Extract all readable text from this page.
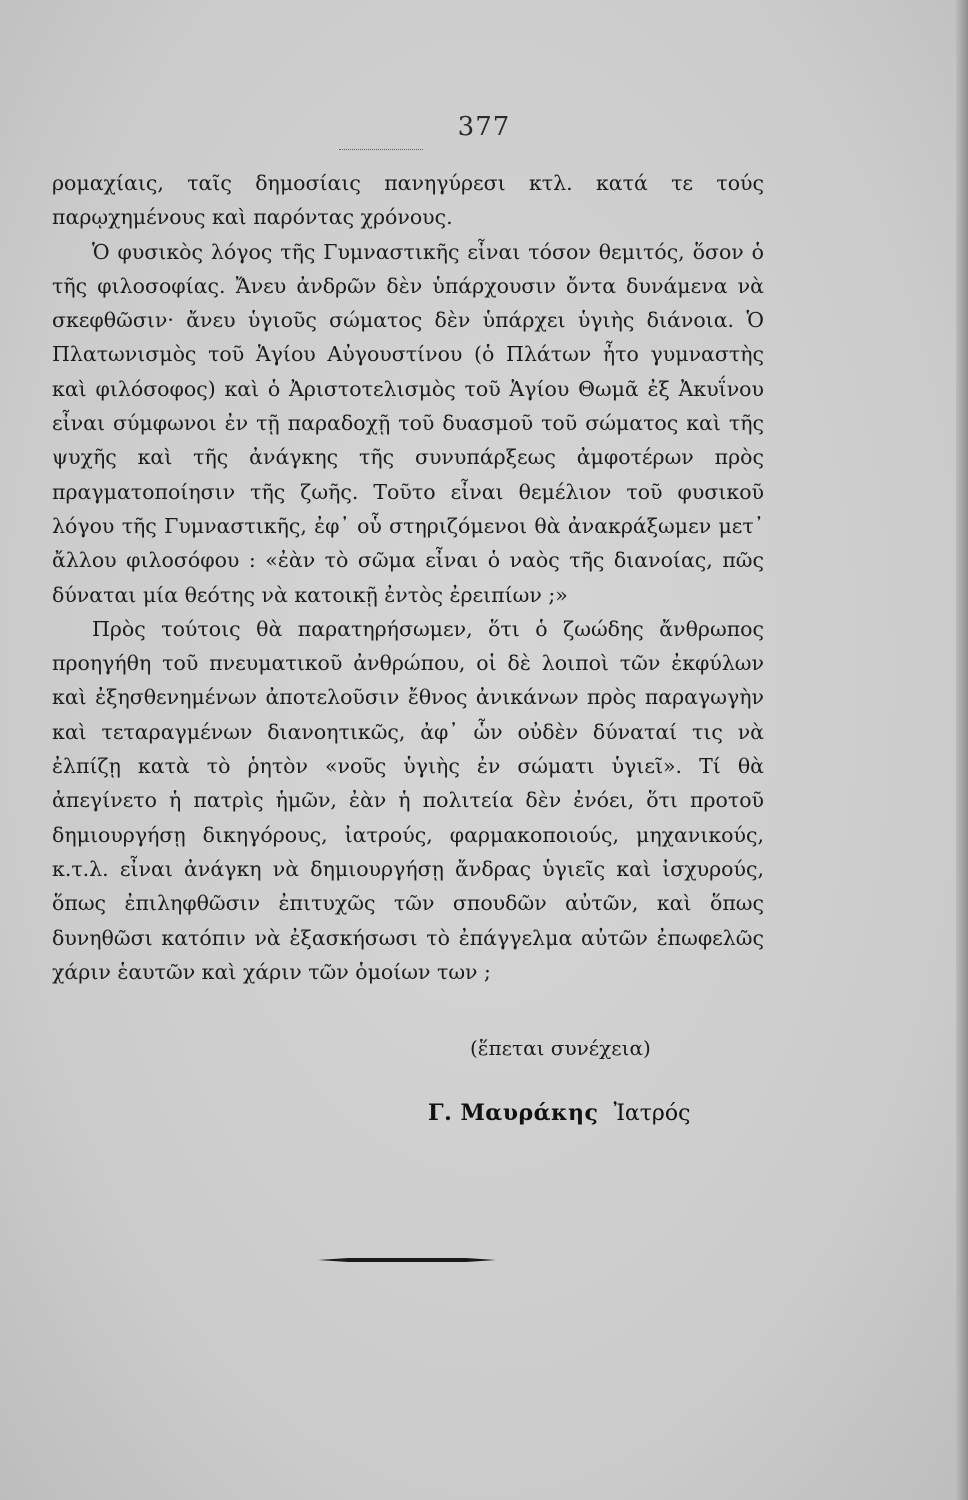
377

ρομαχίαις, ταῖς δημοσίαις πανηγύρεσι κτλ. κατά τε τούς παρῳχημένους καὶ παρόντας χρόνους.

Ὁ φυσικὸς λόγος τῆς Γυμναστικῆς εἶναι τόσον θεμιτός, ὅσον ὁ τῆς φιλοσοφίας. Ἄνευ ἀνδρῶν δὲν ὑπάρχουσιν ὄντα δυνάμενα νὰ σκεφθῶσιν· ἄνευ ὑγιοῦς σώματος δὲν ὑπάρχει ὑγιὴς διάνοια. Ὁ Πλατωνισμὸς τοῦ Ἁγίου Αὐγουστίνου (ὁ Πλάτων ἦτο γυμναστὴς καὶ φιλόσοφος) καὶ ὁ Ἀριστοτελισμὸς τοῦ Ἁγίου Θωμᾶ ἐξ Ἀκυΐνου εἶναι σύμφωνοι ἐν τῇ παραδοχῇ τοῦ δυασμοῦ τοῦ σώματος καὶ τῆς ψυχῆς καὶ τῆς ἀνάγκης τῆς συνυπάρξεως ἀμφοτέρων πρὸς πραγματοποίησιν τῆς ζωῆς. Τοῦτο εἶναι θεμέλιον τοῦ φυσικοῦ λόγου τῆς Γυμναστικῆς, ἐφ᾽ οὗ στηριζόμενοι θὰ ἀνακράξωμεν μετ᾽ ἄλλου φιλοσόφου : «ἐὰν τὸ σῶμα εἶναι ὁ ναὸς τῆς διανοίας, πῶς δύναται μία θεότης νὰ κατοικῇ ἐντὸς ἐρειπίων ;»

Πρὸς τούτοις θὰ παρατηρήσωμεν, ὅτι ὁ ζωώδης ἄνθρωπος προηγήθη τοῦ πνευματικοῦ ἀνθρώπου, οἱ δὲ λοιποὶ τῶν ἐκφύλων καὶ ἐξησθενημένων ἀποτελοῦσιν ἔθνος ἀνικάνων πρὸς παραγωγὴν καὶ τεταραγμένων διανοητικῶς, ἀφ᾽ ὧν οὐδὲν δύναταί τις νὰ ἐλπίζῃ κατὰ τὸ ῥητὸν «νοῦς ὑγιὴς ἐν σώματι ὑγιεῖ». Τί θὰ ἀπεγίνετο ἡ πατρὶς ἡμῶν, ἐὰν ἡ πολιτεία δὲν ἐνόει, ὅτι προτοῦ δημιουργήσῃ δικηγόρους, ἰατρούς, φαρμακοποιούς, μηχανικούς, κ.τ.λ. εἶναι ἀνάγκη νὰ δημιουργήσῃ ἄνδρας ὑγιεῖς καὶ ἰσχυρούς, ὅπως ἐπιληφθῶσιν ἐπιτυχῶς τῶν σπουδῶν αὐτῶν, καὶ ὅπως δυνηθῶσι κατόπιν νὰ ἐξασκήσωσι τὸ ἐπάγγελμα αὐτῶν ἐπωφελῶς χάριν ἑαυτῶν καὶ χάριν τῶν ὁμοίων των ;

(ἕπεται συνέχεια)
Γ. Μαυράκης Ἰατρός
